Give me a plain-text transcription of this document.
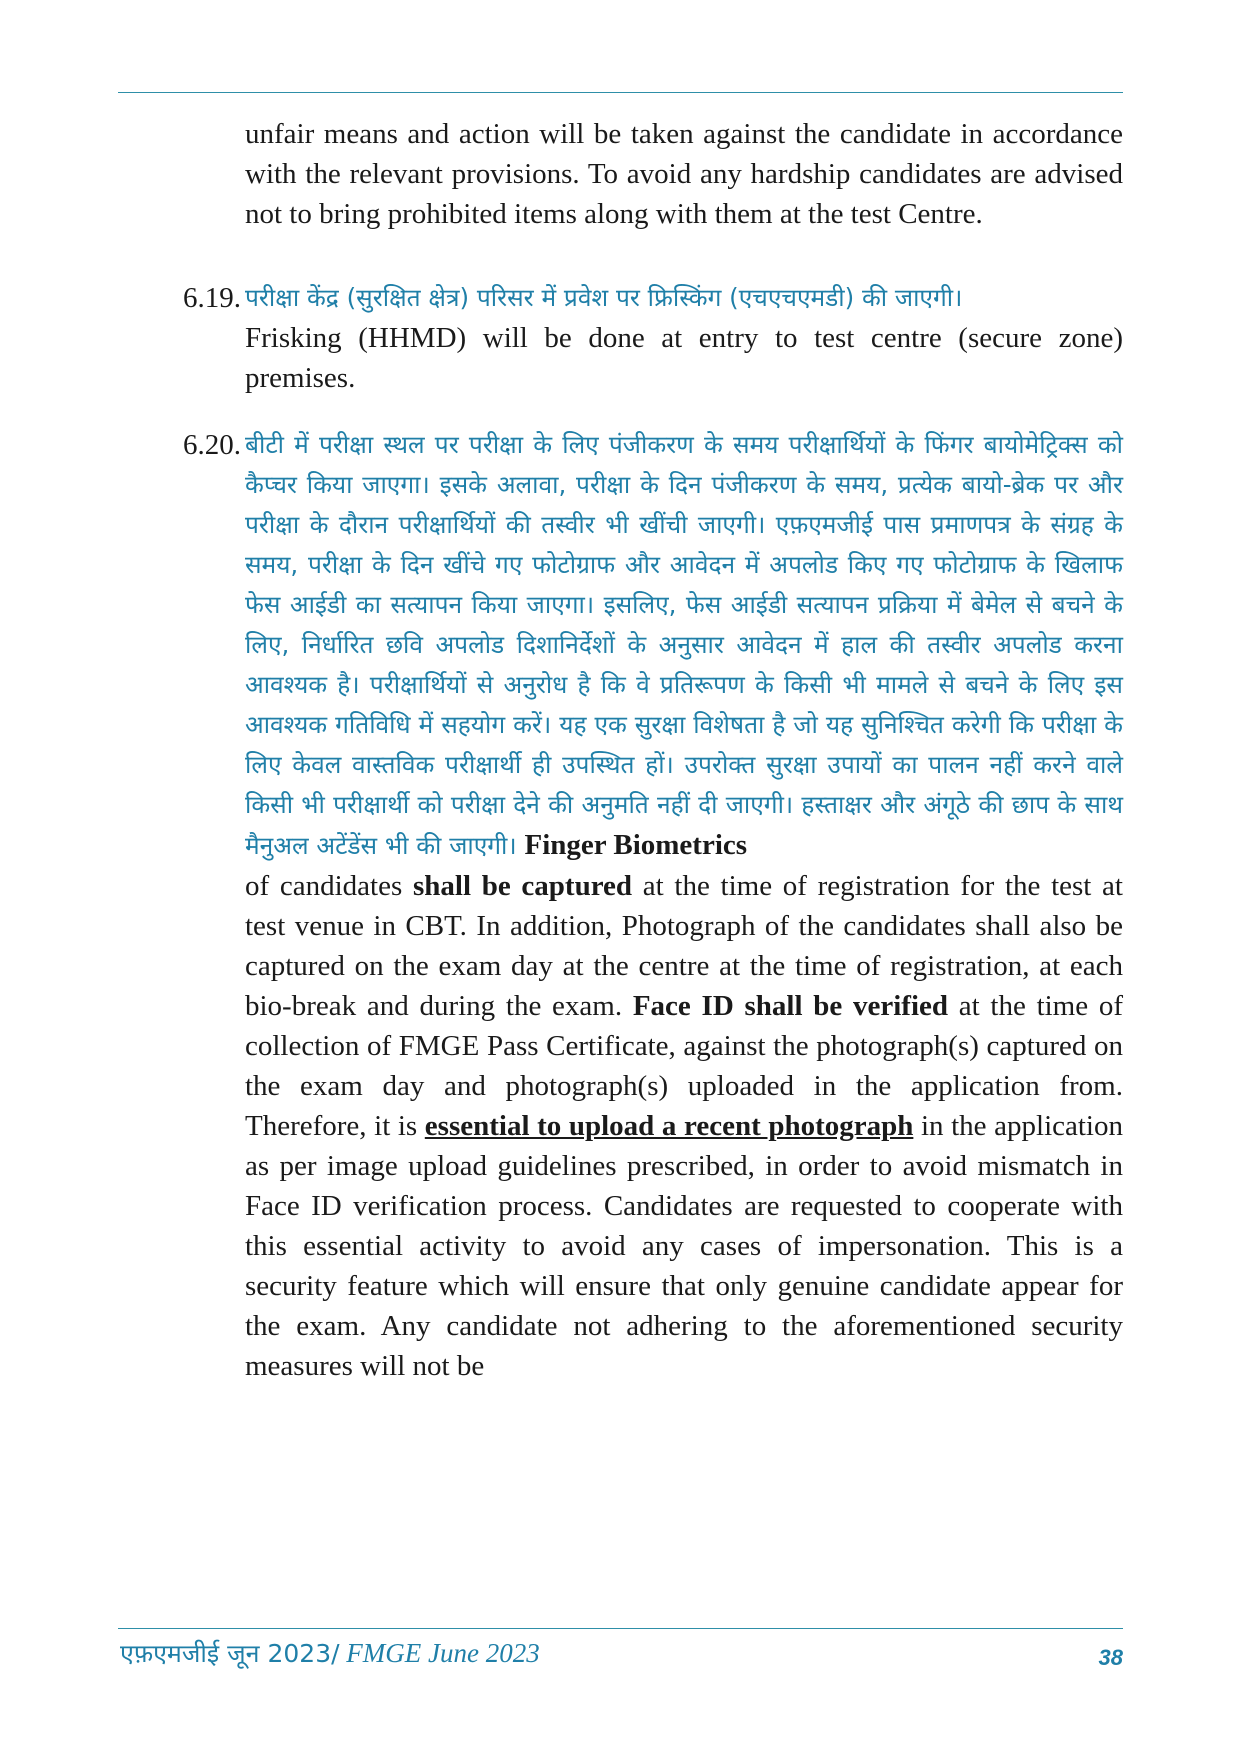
unfair means and action will be taken against the candidate in accordance with the relevant provisions. To avoid any hardship candidates are advised not to bring prohibited items along with them at the test Centre.
6.19. परीक्षा केंद्र (सुरक्षित क्षेत्र) परिसर में प्रवेश पर फ्रिस्किंग (एचएचएमडी) की जाएगी।
Frisking (HHMD) will be done at entry to test centre (secure zone) premises.
6.20. बीटी में परीक्षा स्थल पर परीक्षा के लिए पंजीकरण के समय परीक्षार्थियों के फिंगर बायोमेट्रिक्स को कैप्चर किया जाएगा। इसके अलावा, परीक्षा के दिन पंजीकरण के समय, प्रत्येक बायो-ब्रेक पर और परीक्षा के दौरान परीक्षार्थियों की तस्वीर भी खींची जाएगी। एफ़एमजीई पास प्रमाणपत्र के संग्रह के समय, परीक्षा के दिन खींचे गए फोटोग्राफ और आवेदन में अपलोड किए गए फोटोग्राफ के खिलाफ फेस आईडी का सत्यापन किया जाएगा। इसलिए, फेस आईडी सत्यापन प्रक्रिया में बेमेल से बचने के लिए, निर्धारित छवि अपलोड दिशानिर्देशों के अनुसार आवेदन में हाल की तस्वीर अपलोड करना आवश्यक है। परीक्षार्थियों से अनुरोध है कि वे प्रतिरूपण के किसी भी मामले से बचने के लिए इस आवश्यक गतिविधि में सहयोग करें। यह एक सुरक्षा विशेषता है जो यह सुनिश्चित करेगी कि परीक्षा के लिए केवल वास्तविक परीक्षार्थी ही उपस्थित हों। उपरोक्त सुरक्षा उपायों का पालन नहीं करने वाले किसी भी परीक्षार्थी को परीक्षा देने की अनुमति नहीं दी जाएगी। हस्ताक्षर और अंगूठे की छाप के साथ मैनुअल अटेंडेंस भी की जाएगी। Finger Biometrics
of candidates shall be captured at the time of registration for the test at test venue in CBT. In addition, Photograph of the candidates shall also be captured on the exam day at the centre at the time of registration, at each bio-break and during the exam. Face ID shall be verified at the time of collection of FMGE Pass Certificate, against the photograph(s) captured on the exam day and photograph(s) uploaded in the application from. Therefore, it is essential to upload a recent photograph in the application as per image upload guidelines prescribed, in order to avoid mismatch in Face ID verification process. Candidates are requested to cooperate with this essential activity to avoid any cases of impersonation. This is a security feature which will ensure that only genuine candidate appear for the exam. Any candidate not adhering to the aforementioned security measures will not be
एफ़एमजीई जून 2023/ FMGE June 2023	38
